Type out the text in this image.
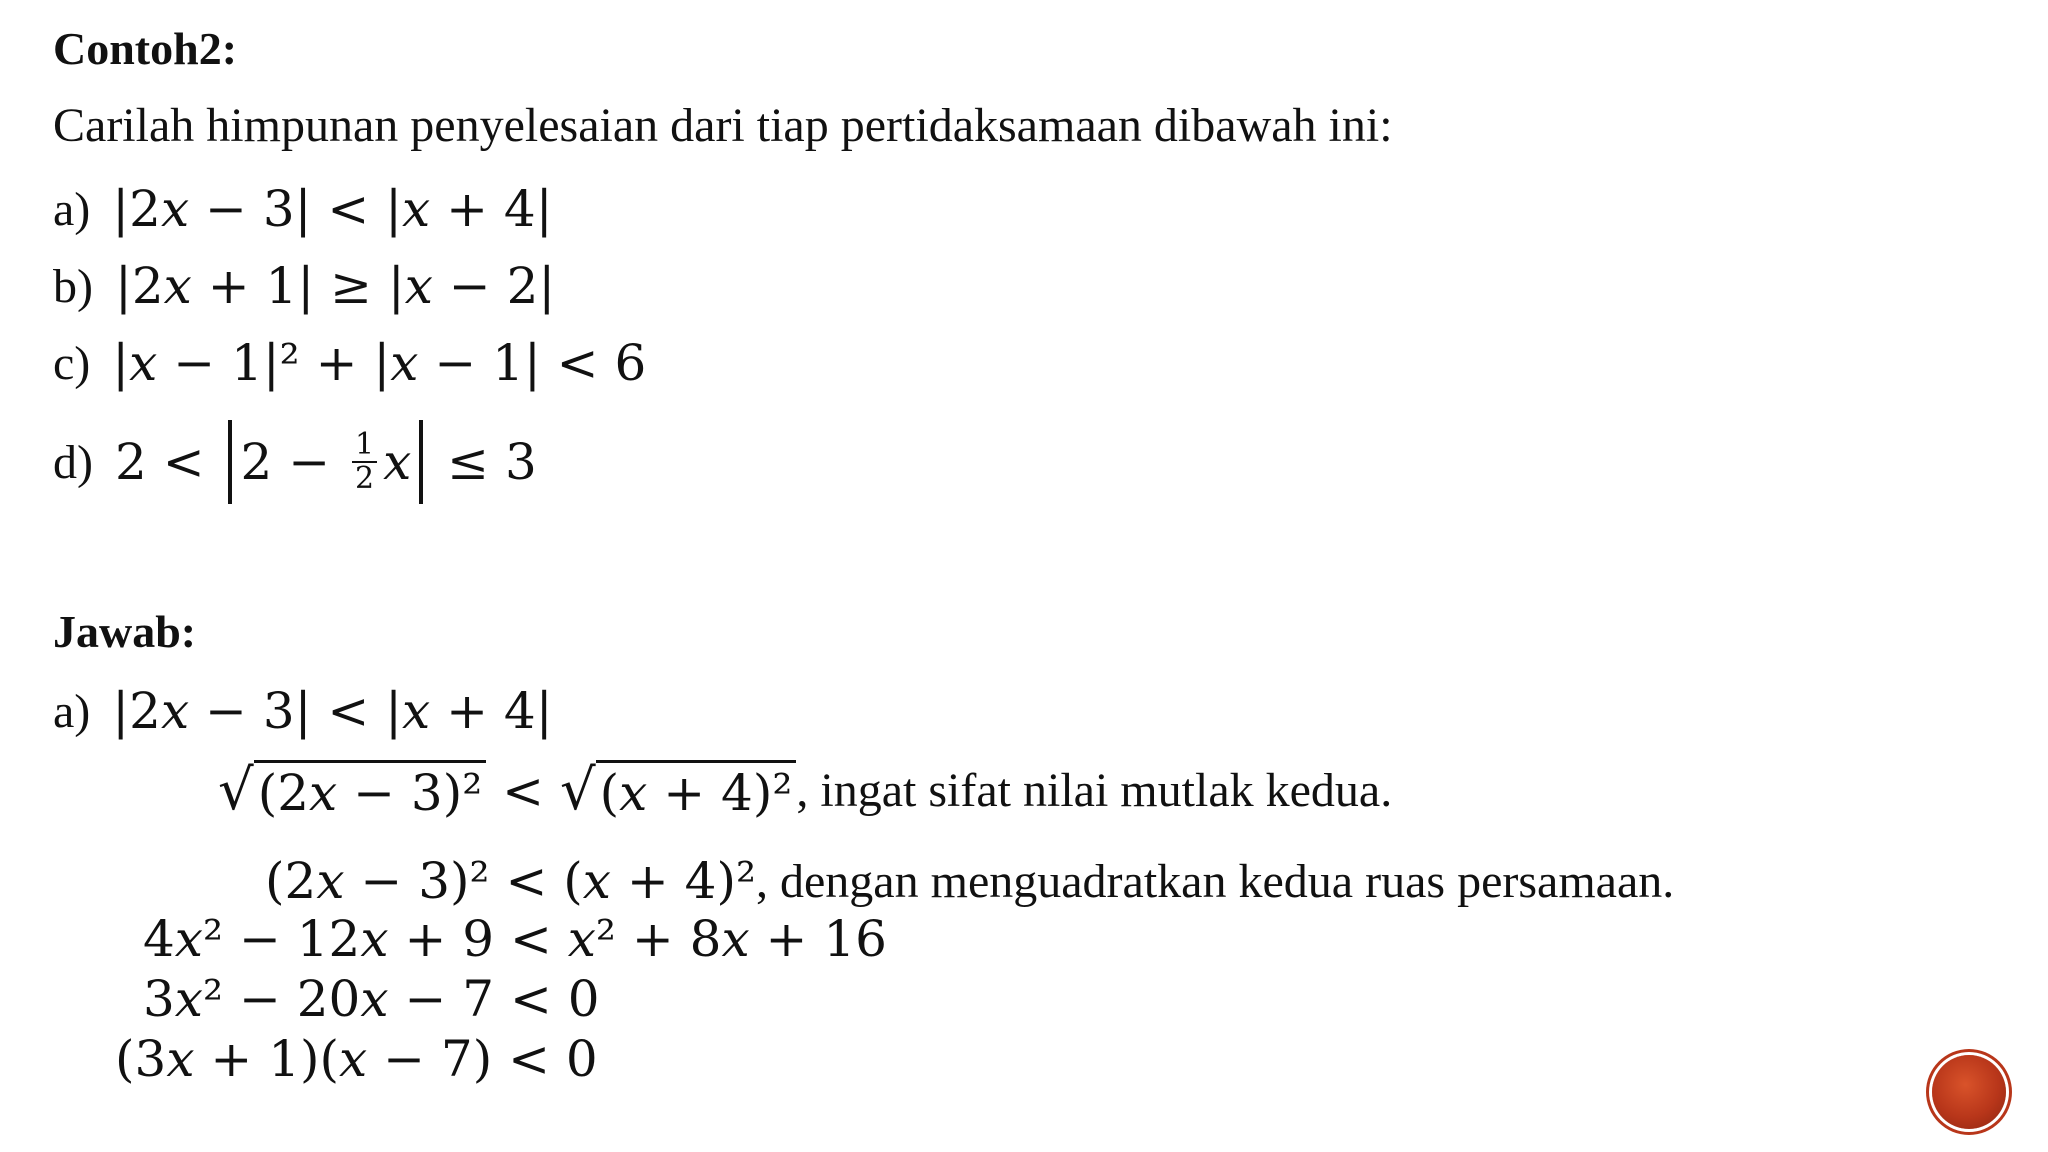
Contoh2:
Carilah himpunan penyelesaian dari tiap pertidaksamaan dibawah ini:
a) |2𝑥 − 3| < |𝑥 + 4|
b) |2𝑥 + 1| ≥ |𝑥 − 2|
c) |𝑥 − 1|² + |𝑥 − 1| < 6
d) $2 < 2 - \frac{1}{2}$ 𝑥 ≤ 3
Jawab:
a) |2𝑥 − 3| < |𝑥 + 4|
√ (2𝑥 − 3)² < √ (𝑥 + 4)² , ingat sifat nilai mutlak kedua.
(2𝑥 − 3)² < (𝑥 + 4)² , dengan menguadratkan kedua ruas persamaan.
4𝑥² − 12𝑥 + 9 < 𝑥² + 8𝑥 + 16
3𝑥² − 20𝑥 − 7 < 0
(3𝑥 + 1)(𝑥 − 7) < 0
